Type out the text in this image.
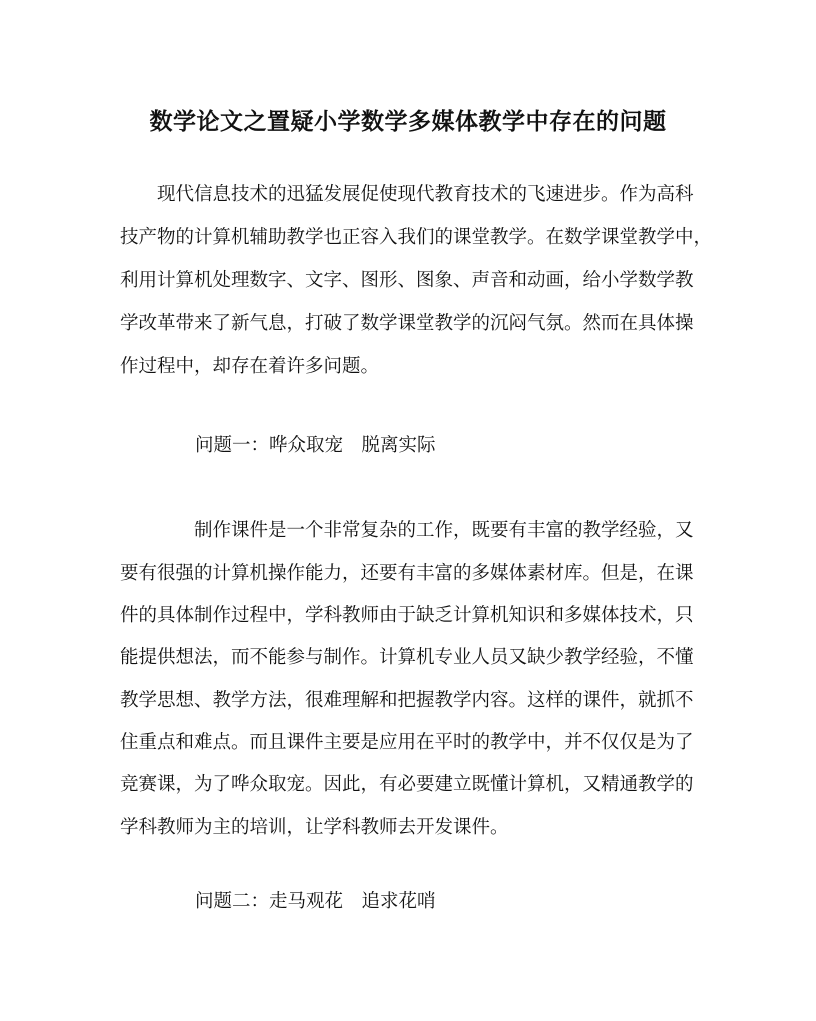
数学论文之置疑小学数学多媒体教学中存在的问题

　　现代信息技术的迅猛发展促使现代教育技术的飞速进步。作为高科

技产物的计算机辅助教学也正容入我们的课堂教学。在数学课堂教学中，

利用计算机处理数字、文字、图形、图象、声音和动画，给小学数学教

学改革带来了新气息，打破了数学课堂教学的沉闷气氛。然而在具体操

作过程中，却存在着许多问题。

问题一：哗众取宠　脱离实际

　　　　制作课件是一个非常复杂的工作，既要有丰富的教学经验，又

要有很强的计算机操作能力，还要有丰富的多媒体素材库。但是，在课

件的具体制作过程中，学科教师由于缺乏计算机知识和多媒体技术，只

能提供想法，而不能参与制作。计算机专业人员又缺少教学经验，不懂

教学思想、教学方法，很难理解和把握教学内容。这样的课件，就抓不

住重点和难点。而且课件主要是应用在平时的教学中，并不仅仅是为了

竞赛课，为了哗众取宠。因此，有必要建立既懂计算机，又精通教学的

学科教师为主的培训，让学科教师去开发课件。

问题二：走马观花　追求花哨
